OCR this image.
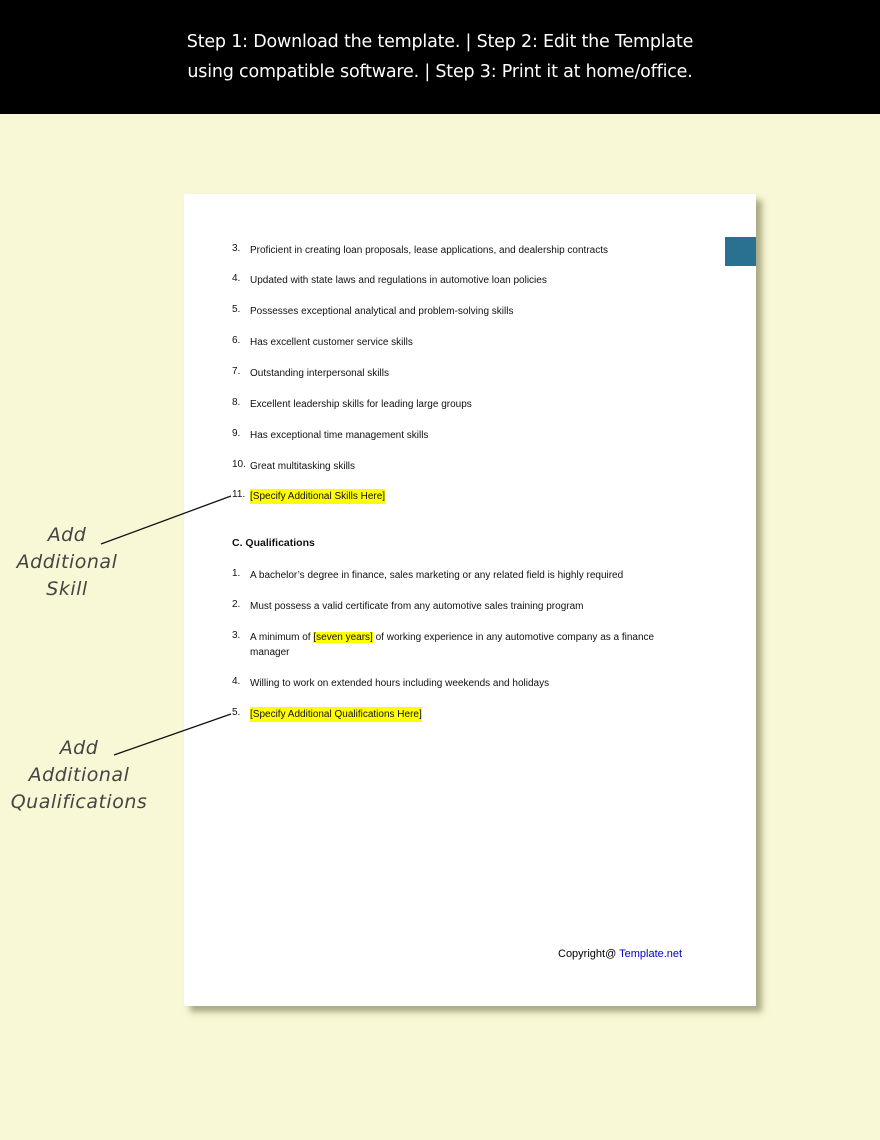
Step 1: Download the template. | Step 2: Edit the Template
using compatible software. | Step 3: Print it at home/office.
3. Proficient in creating loan proposals, lease applications, and dealership contracts
4. Updated with state laws and regulations in automotive loan policies
5. Possesses exceptional analytical and problem-solving skills
6. Has excellent customer service skills
7. Outstanding interpersonal skills
8. Excellent leadership skills for leading large groups
9. Has exceptional time management skills
10. Great multitasking skills
11. [Specify Additional Skills Here]
C. Qualifications
1. A bachelor’s degree in finance, sales marketing or any related field is highly required
2. Must possess a valid certificate from any automotive sales training program
3. A minimum of [seven years] of working experience in any automotive company as a finance
manager
4. Willing to work on extended hours including weekends and holidays
5. [Specify Additional Qualifications Here]
Copyright@ Template.net
Add
Additional
Skill
Add
Additional
Qualifications
